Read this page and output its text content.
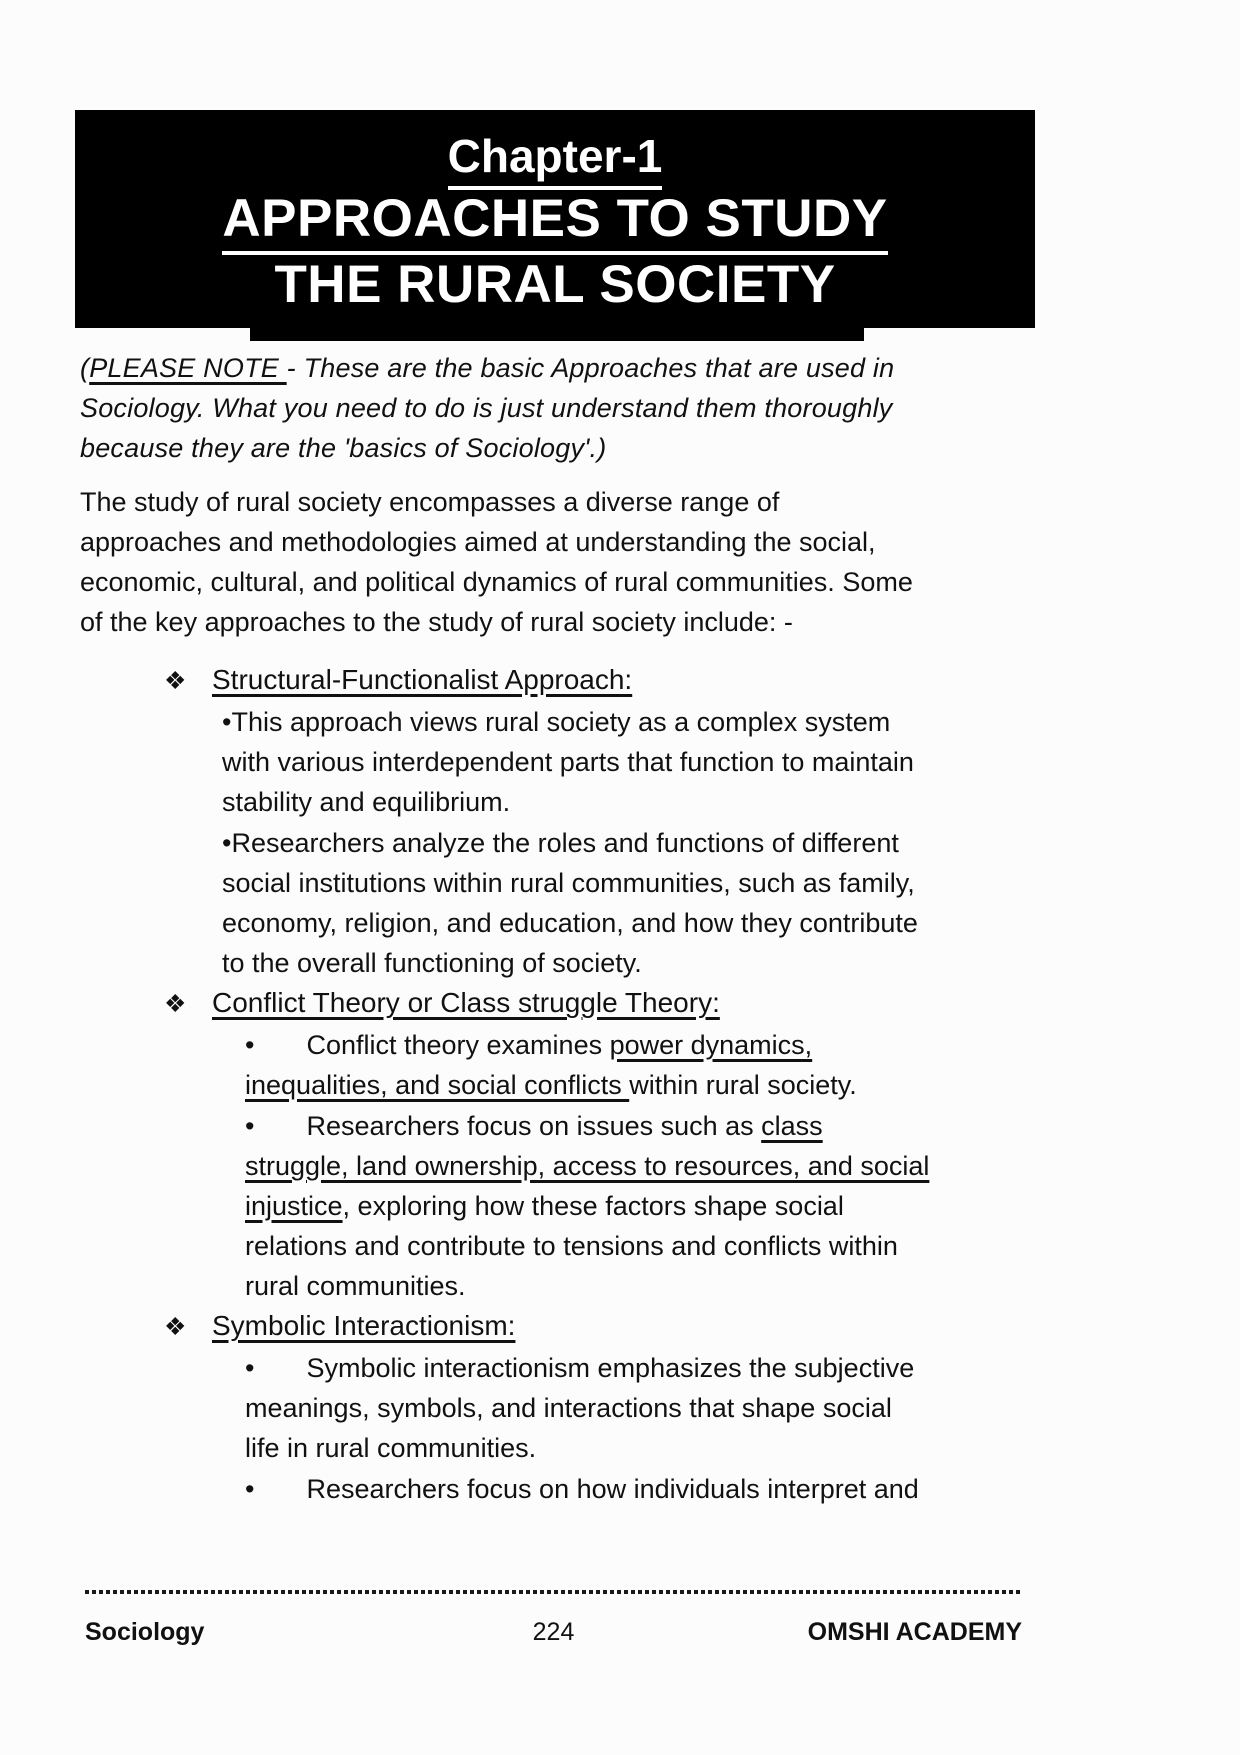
Chapter-1
APPROACHES TO STUDY
THE RURAL SOCIETY

(PLEASE NOTE - These are the basic Approaches that are used in
Sociology. What you need to do is just understand them thoroughly
because they are the 'basics of Sociology'.)

The study of rural society encompasses a diverse range of
approaches and methodologies aimed at understanding the social,
economic, cultural, and political dynamics of rural communities. Some
of the key approaches to the study of rural society include: -

❖ Structural-Functionalist Approach:
•This approach views rural society as a complex system
with various interdependent parts that function to maintain
stability and equilibrium.
•Researchers analyze the roles and functions of different
social institutions within rural communities, such as family,
economy, religion, and education, and how they contribute
to the overall functioning of society.
❖ Conflict Theory or Class struggle Theory:
• Conflict theory examines power dynamics,
inequalities, and social conflicts within rural society.
• Researchers focus on issues such as class
struggle, land ownership, access to resources, and social
injustice, exploring how these factors shape social
relations and contribute to tensions and conflicts within
rural communities.
❖ Symbolic Interactionism:
• Symbolic interactionism emphasizes the subjective
meanings, symbols, and interactions that shape social
life in rural communities.
• Researchers focus on how individuals interpret and
Sociology	224	OMSHI ACADEMY
